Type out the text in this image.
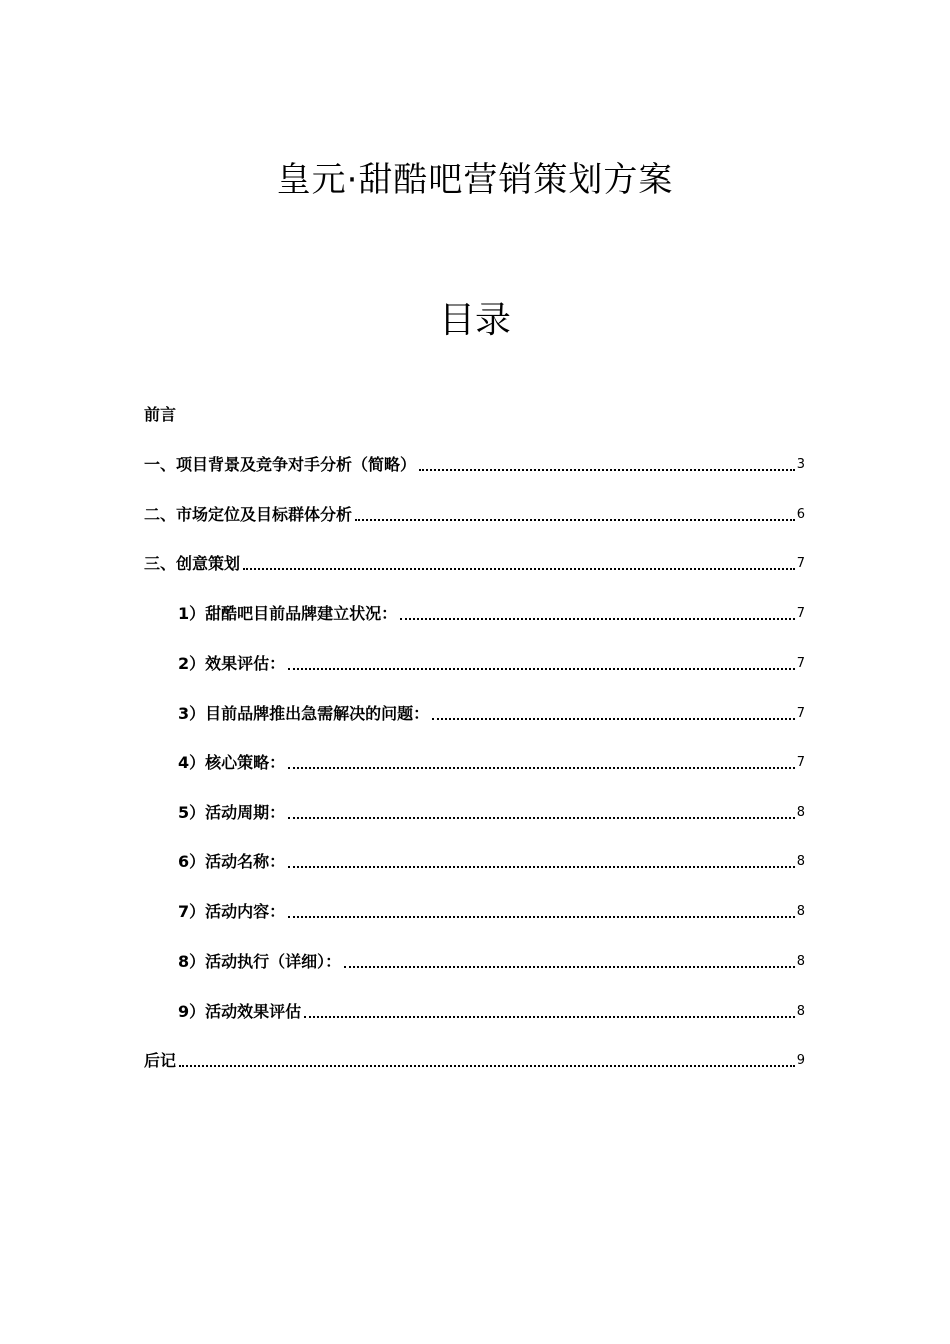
皇元·甜酷吧营销策划方案
目录
前言
一、项目背景及竞争对手分析（简略）	3
二、市场定位及目标群体分析	6
三、创意策划	7
1）甜酷吧目前品牌建立状况：	7
2）效果评估：	7
3）目前品牌推出急需解决的问题：	7
4）核心策略：	7
5）活动周期：	8
6）活动名称：	8
7）活动内容：	8
8）活动执行（详细）：	8
9）活动效果评估	8
后记	9
